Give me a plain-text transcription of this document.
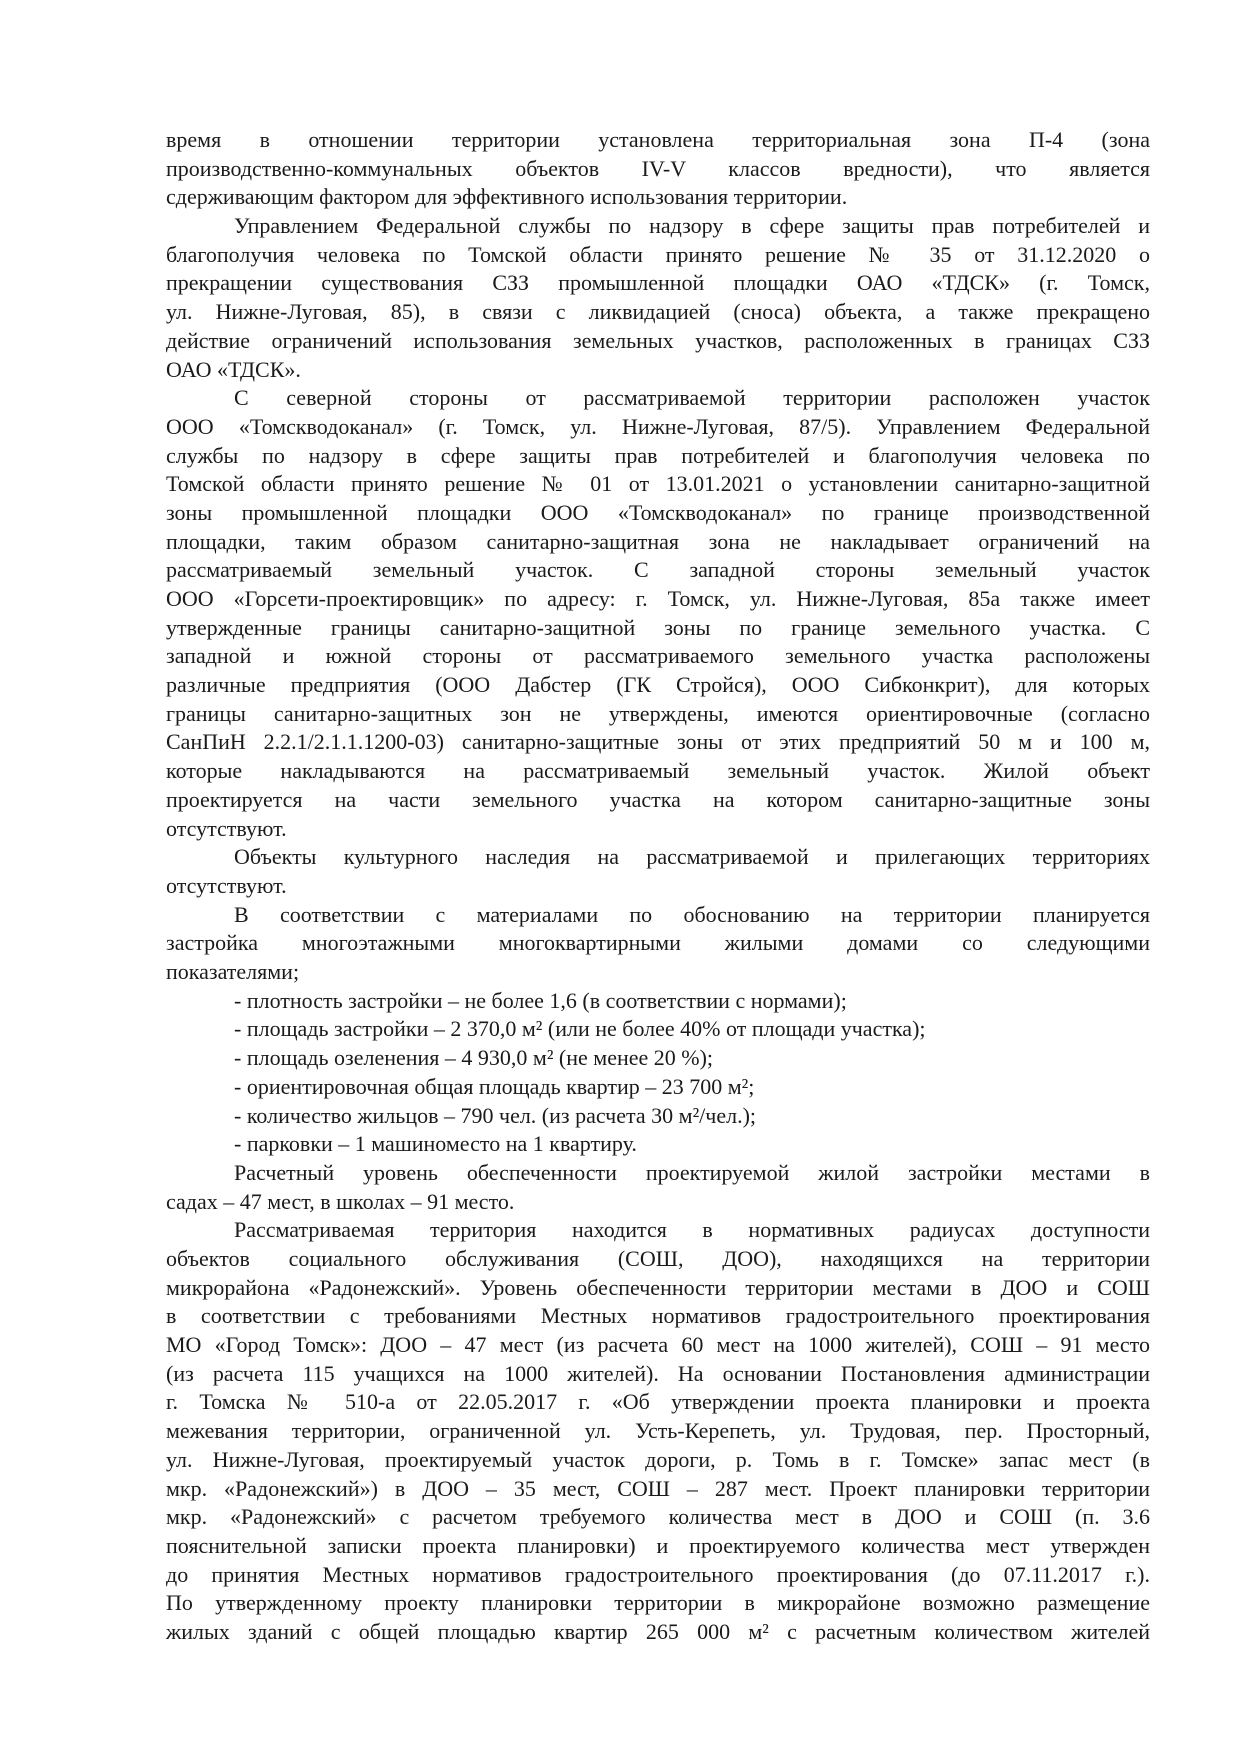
время в отношении территории установлена территориальная зона П-4 (зона
производственно-коммунальных объектов IV-V классов вредности), что является
сдерживающим фактором для эффективного использования территории.
Управлением Федеральной службы по надзору в сфере защиты прав потребителей и
благополучия человека по Томской области принято решение № 35 от 31.12.2020 о
прекращении существования СЗЗ промышленной площадки ОАО «ТДСК» (г. Томск,
ул. Нижне-Луговая, 85), в связи с ликвидацией (сноса) объекта, а также прекращено
действие ограничений использования земельных участков, расположенных в границах СЗЗ
ОАО «ТДСК».
С северной стороны от рассматриваемой территории расположен участок
ООО «Томскводоканал» (г. Томск, ул. Нижне-Луговая, 87/5). Управлением Федеральной
службы по надзору в сфере защиты прав потребителей и благополучия человека по
Томской области принято решение № 01 от 13.01.2021 о установлении санитарно-защитной
зоны промышленной площадки ООО «Томскводоканал» по границе производственной
площадки, таким образом санитарно-защитная зона не накладывает ограничений на
рассматриваемый земельный участок. С западной стороны земельный участок
ООО «Горсети-проектировщик» по адресу: г. Томск, ул. Нижне-Луговая, 85а также имеет
утвержденные границы санитарно-защитной зоны по границе земельного участка. С
западной и южной стороны от рассматриваемого земельного участка расположены
различные предприятия (ООО Дабстер (ГК Стройся), ООО Сибконкрит), для которых
границы санитарно-защитных зон не утверждены, имеются ориентировочные (согласно
СанПиН 2.2.1/2.1.1.1200-03) санитарно-защитные зоны от этих предприятий 50 м и 100 м,
которые накладываются на рассматриваемый земельный участок. Жилой объект
проектируется на части земельного участка на котором санитарно-защитные зоны
отсутствуют.
Объекты культурного наследия на рассматриваемой и прилегающих территориях
отсутствуют.
В соответствии с материалами по обоснованию на территории планируется
застройка многоэтажными многоквартирными жилыми домами со следующими
показателями;
- плотность застройки – не более 1,6 (в соответствии с нормами);
- площадь застройки – 2 370,0 м² (или не более 40% от площади участка);
- площадь озеленения – 4 930,0 м² (не менее 20 %);
- ориентировочная общая площадь квартир – 23 700 м²;
- количество жильцов – 790 чел. (из расчета 30 м²/чел.);
- парковки – 1 машиноместо на 1 квартиру.
Расчетный уровень обеспеченности проектируемой жилой застройки местами в
садах – 47 мест, в школах – 91 место.
Рассматриваемая территория находится в нормативных радиусах доступности
объектов социального обслуживания (СОШ, ДОО), находящихся на территории
микрорайона «Радонежский». Уровень обеспеченности территории местами в ДОО и СОШ
в соответствии с требованиями Местных нормативов градостроительного проектирования
МО «Город Томск»: ДОО – 47 мест (из расчета 60 мест на 1000 жителей), СОШ – 91 место
(из расчета 115 учащихся на 1000 жителей). На основании Постановления администрации
г. Томска № 510-а от 22.05.2017 г. «Об утверждении проекта планировки и проекта
межевания территории, ограниченной ул. Усть-Керепеть, ул. Трудовая, пер. Просторный,
ул. Нижне-Луговая, проектируемый участок дороги, р. Томь в г. Томске» запас мест (в
мкр. «Радонежский») в ДОО – 35 мест, СОШ – 287 мест. Проект планировки территории
мкр. «Радонежский» с расчетом требуемого количества мест в ДОО и СОШ (п. 3.6
пояснительной записки проекта планировки) и проектируемого количества мест утвержден
до принятия Местных нормативов градостроительного проектирования (до 07.11.2017 г.).
По утвержденному проекту планировки территории в микрорайоне возможно размещение
жилых зданий с общей площадью квартир 265 000 м² с расчетным количеством жителей
